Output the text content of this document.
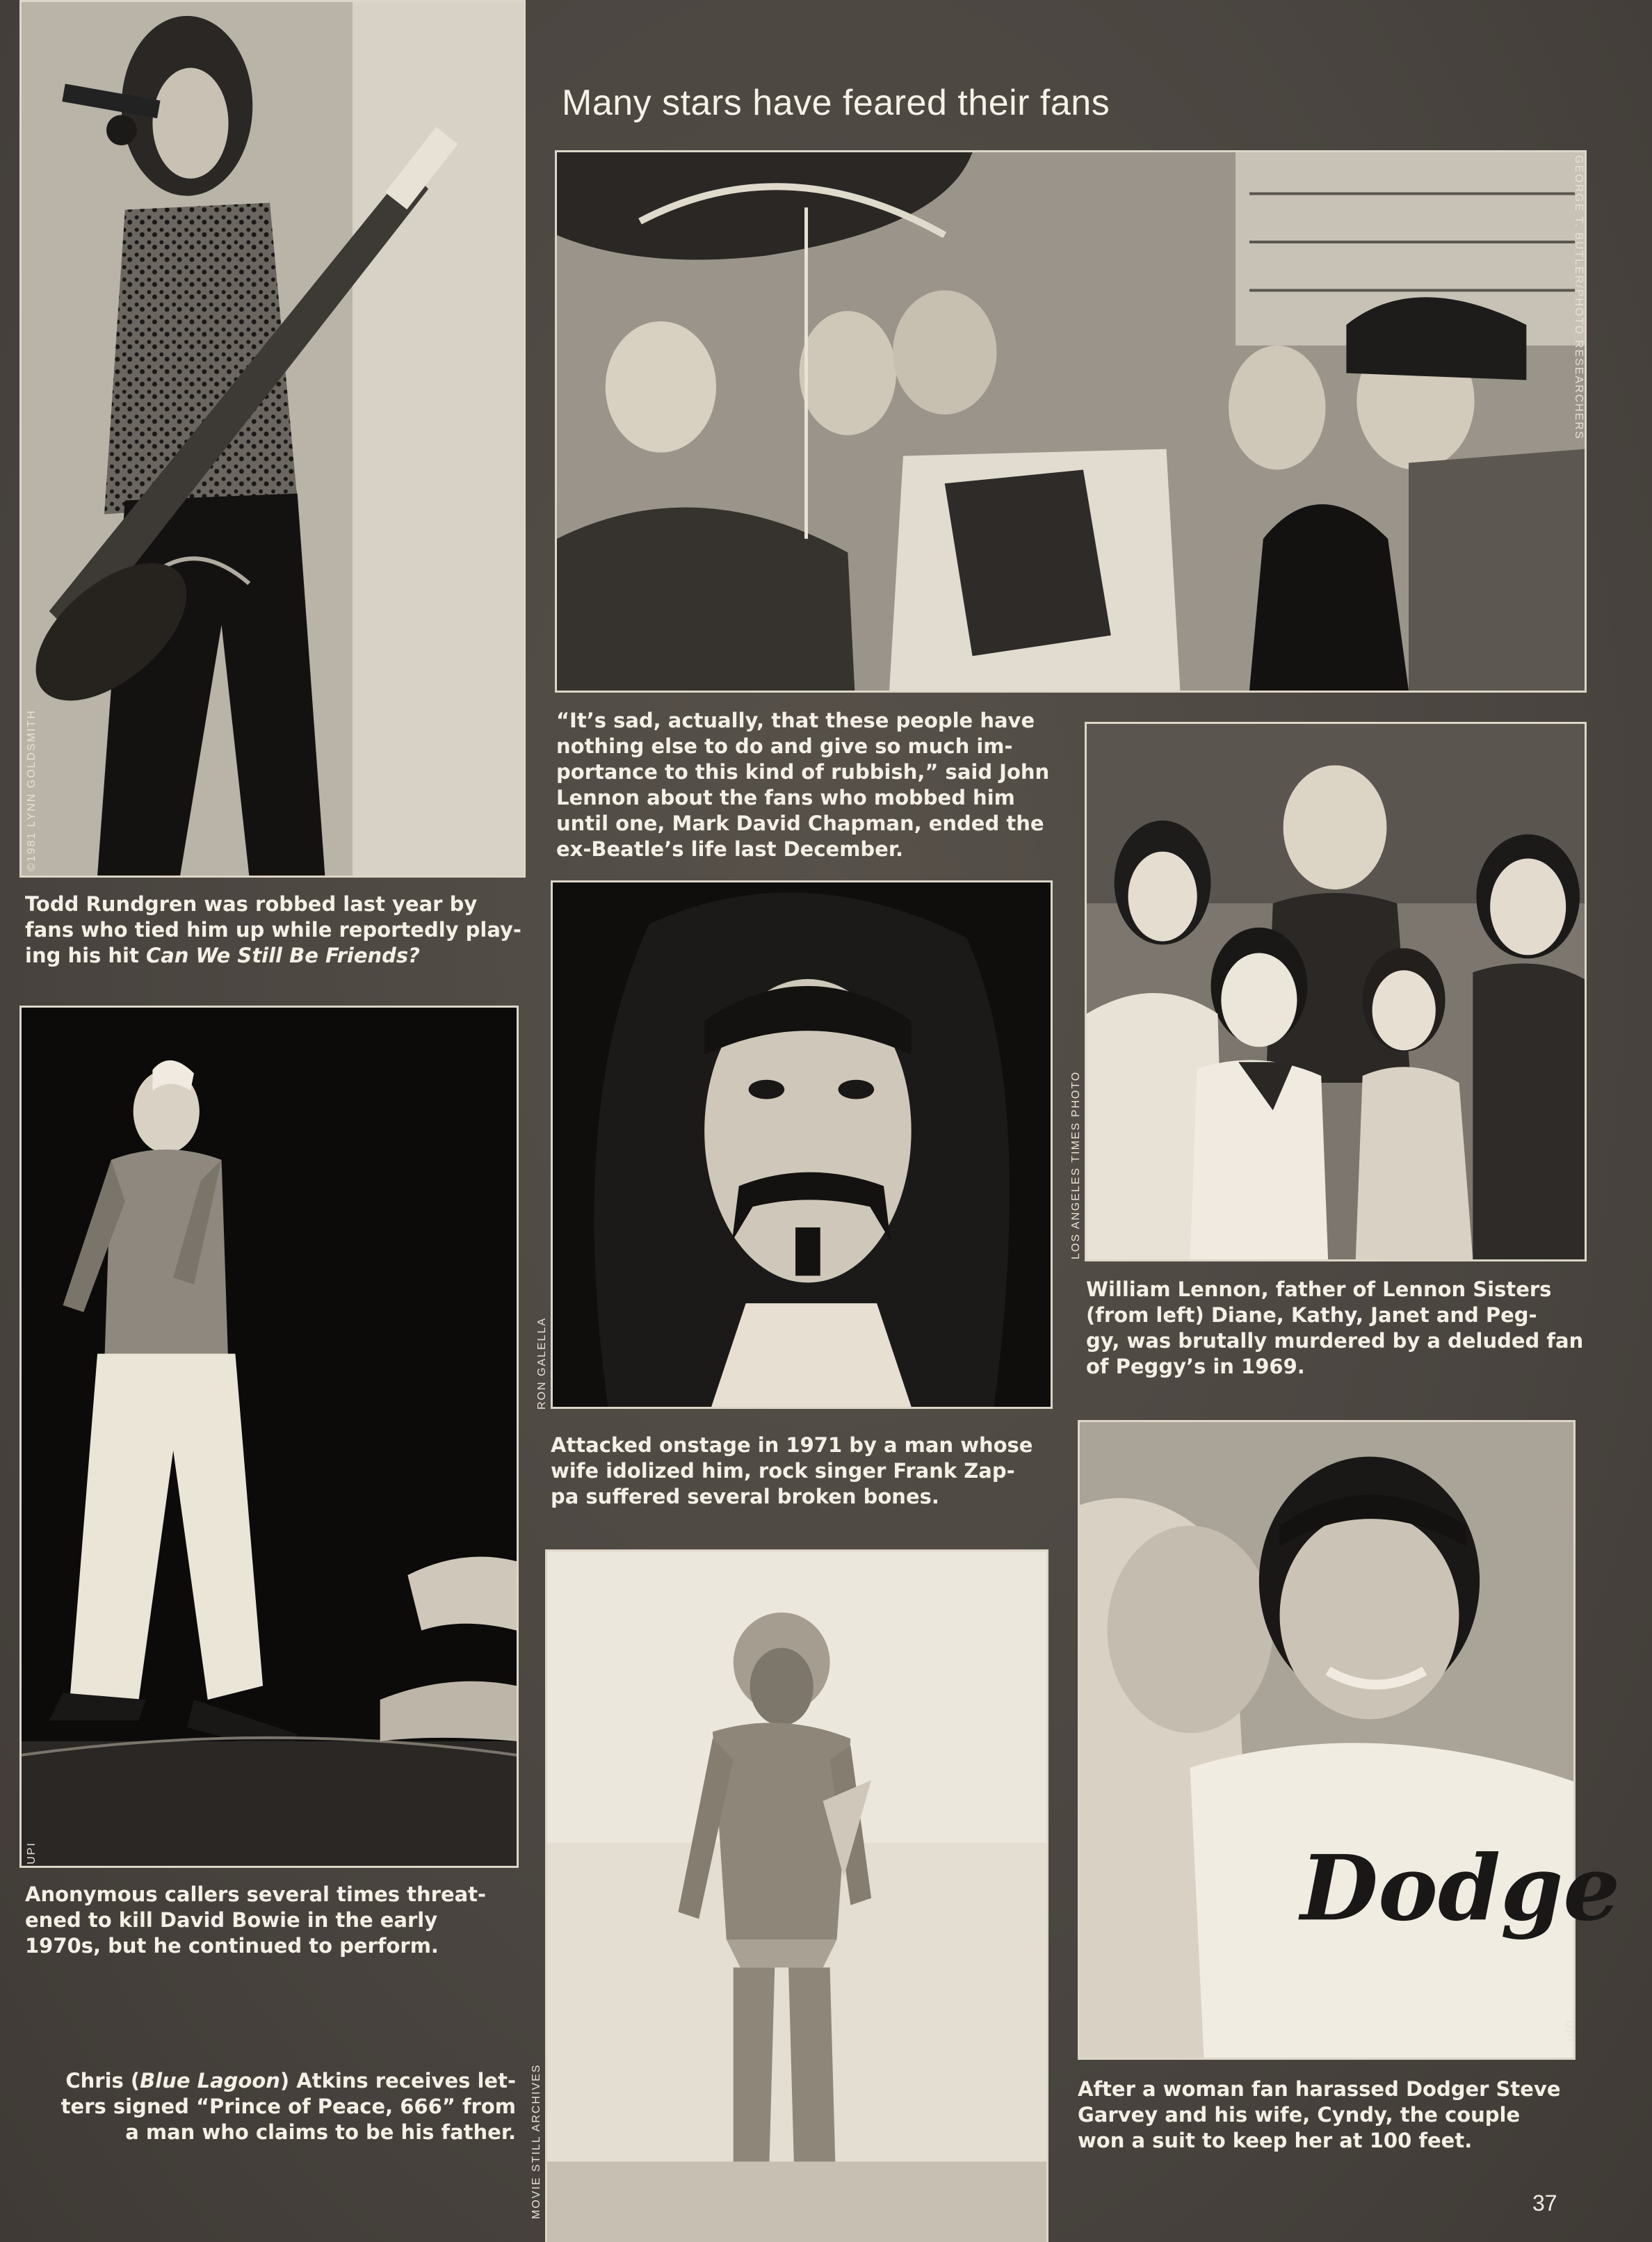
Many stars have feared their fans
©1981 LYNN GOLDSMITH

Todd Rundgren was robbed last year by

fans who tied him up while reportedly play-

ing his hit Can We Still Be Friends?

GEORGE T. BUTLER/PHOTO RESEARCHERS

“It’s sad, actually, that these people have

nothing else to do and give so much im-

portance to this kind of rubbish,” said John

Lennon about the fans who mobbed him

until one, Mark David Chapman, ended the

ex-Beatle’s life last December.

LOS ANGELES TIMES PHOTO

William Lennon, father of Lennon Sisters

(from left) Diane, Kathy, Janet and Peg-

gy, was brutally murdered by a deluded fan

of Peggy’s in 1969.

RON GALELLA

Attacked onstage in 1971 by a man whose

wife idolized him, rock singer Frank Zap-

pa suffered several broken bones.

UPI

Anonymous callers several times threat-

ened to kill David Bowie in the early

1970s, but he continued to perform.

MOVIE STILL ARCHIVES

Chris (Blue Lagoon) Atkins receives let-

ters signed “Prince of Peace, 666” from

a man who claims to be his father.

Dodge
UPI

After a woman fan harassed Dodger Steve

Garvey and his wife, Cyndy, the couple

won a suit to keep her at 100 feet.

37
